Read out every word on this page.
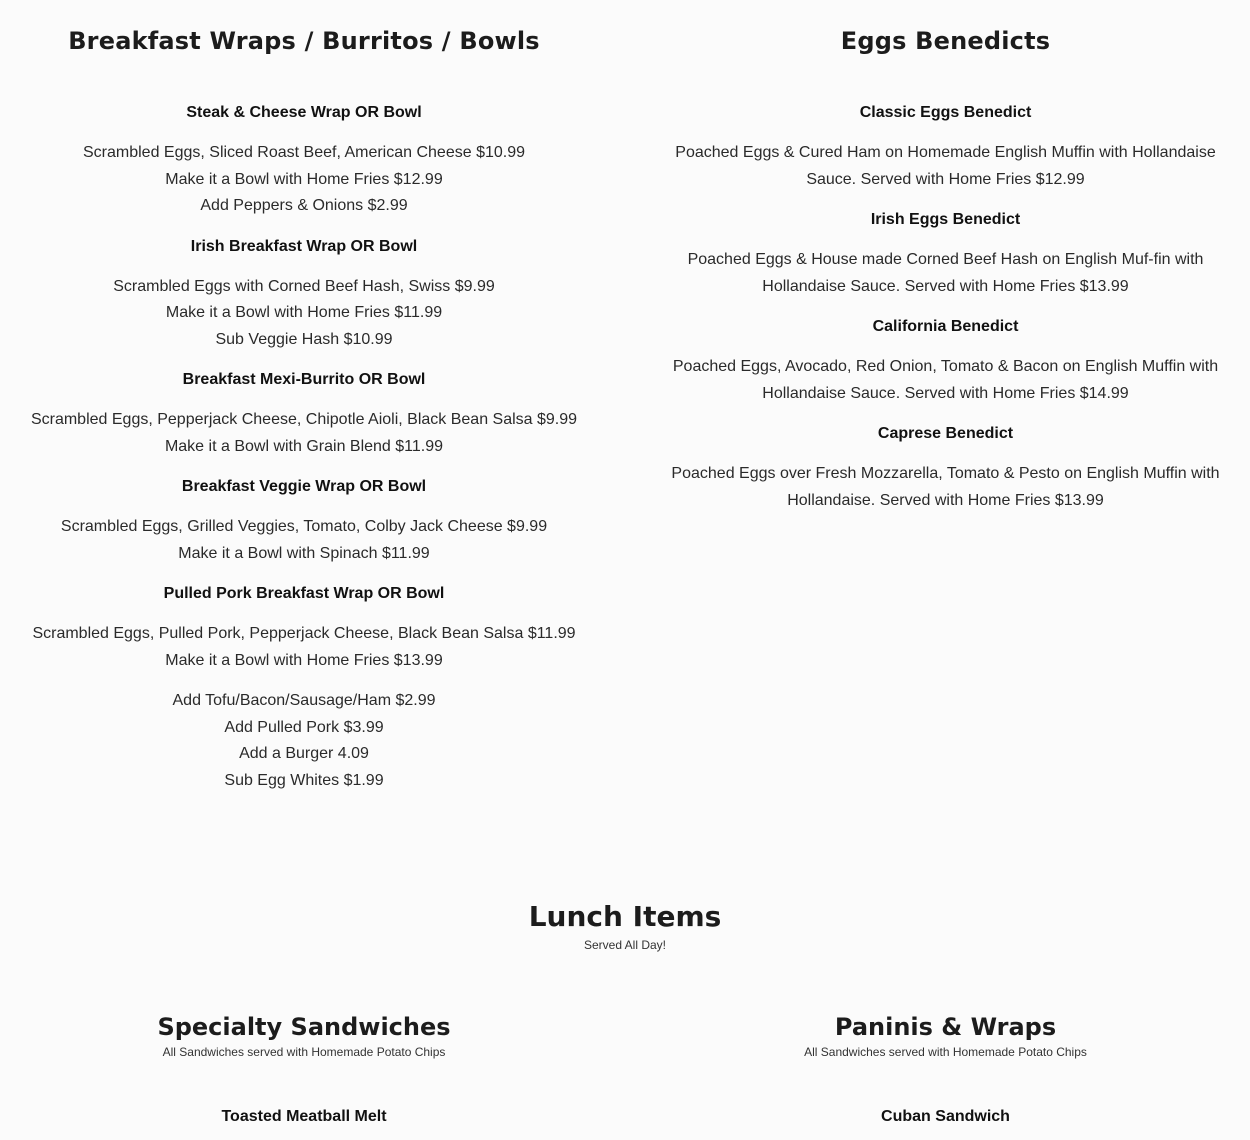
Breakfast Wraps / Burritos / Bowls
Steak & Cheese Wrap OR Bowl
Scrambled Eggs, Sliced Roast Beef, American Cheese $10.99
Make it a Bowl with Home Fries $12.99
Add Peppers & Onions $2.99
Irish Breakfast Wrap OR Bowl
Scrambled Eggs with Corned Beef Hash, Swiss $9.99
Make it a Bowl with Home Fries $11.99
Sub Veggie Hash $10.99
Breakfast Mexi-Burrito OR Bowl
Scrambled Eggs, Pepperjack Cheese, Chipotle Aioli, Black Bean Salsa $9.99
Make it a Bowl with Grain Blend $11.99
Breakfast Veggie Wrap OR Bowl
Scrambled Eggs, Grilled Veggies, Tomato, Colby Jack Cheese $9.99
Make it a Bowl with Spinach $11.99
Pulled Pork Breakfast Wrap OR Bowl
Scrambled Eggs, Pulled Pork, Pepperjack Cheese, Black Bean Salsa $11.99
Make it a Bowl with Home Fries $13.99
Add Tofu/Bacon/Sausage/Ham $2.99
Add Pulled Pork $3.99
Add a Burger 4.09
Sub Egg Whites $1.99
Eggs Benedicts
Classic Eggs Benedict
Poached Eggs & Cured Ham on Homemade English Muffin with Hollandaise
Sauce. Served with Home Fries $12.99
Irish Eggs Benedict
Poached Eggs & House made Corned Beef Hash on English Muf-fin with
Hollandaise Sauce. Served with Home Fries $13.99
California Benedict
Poached Eggs, Avocado, Red Onion, Tomato & Bacon on English Muffin with
Hollandaise Sauce. Served with Home Fries $14.99
Caprese Benedict
Poached Eggs over Fresh Mozzarella, Tomato & Pesto on English Muffin with
Hollandaise. Served with Home Fries $13.99
Lunch Items
Served All Day!
Specialty Sandwiches
All Sandwiches served with Homemade Potato Chips
Toasted Meatball Melt
Paninis & Wraps
All Sandwiches served with Homemade Potato Chips
Cuban Sandwich
